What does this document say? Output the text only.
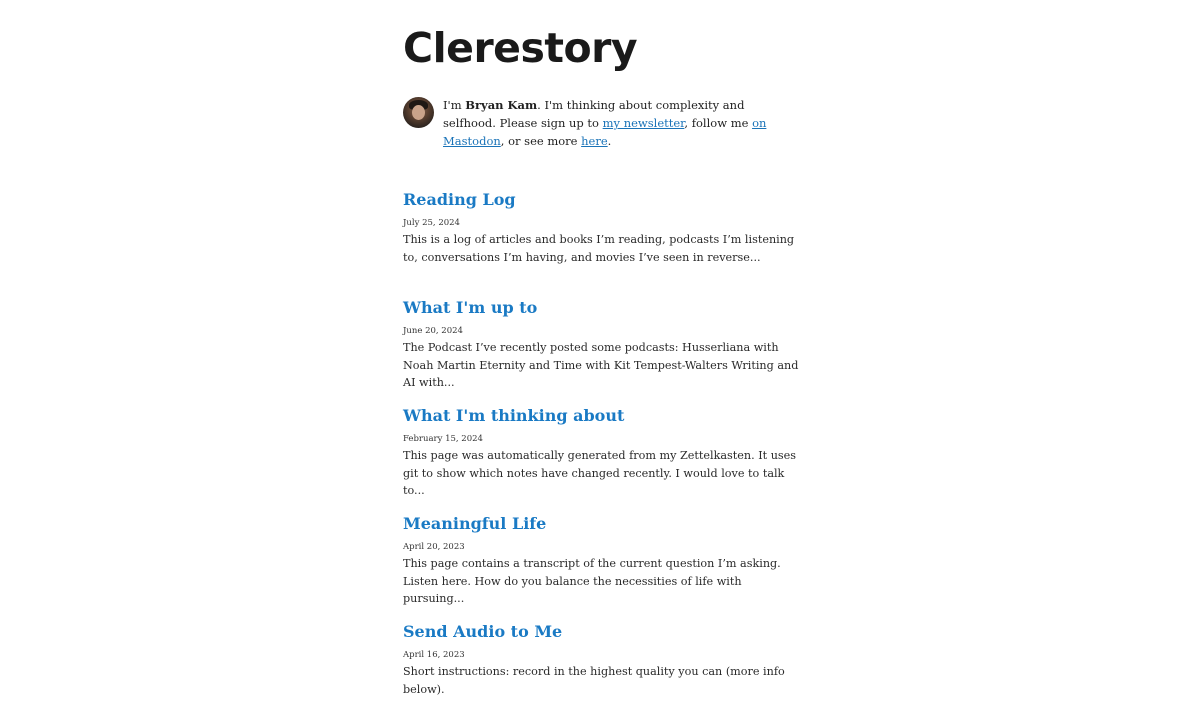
Clerestory
I'm Bryan Kam. I'm thinking about complexity and selfhood. Please sign up to my newsletter, follow me on Mastodon, or see more here.
Reading Log
July 25, 2024
This is a log of articles and books I’m reading, podcasts I’m listening to, conversations I’m having, and movies I’ve seen in reverse...
What I'm up to
June 20, 2024
The Podcast I’ve recently posted some podcasts: Husserliana with Noah Martin Eternity and Time with Kit Tempest-Walters Writing and AI with...
What I'm thinking about
February 15, 2024
This page was automatically generated from my Zettelkasten. It uses git to show which notes have changed recently. I would love to talk to...
Meaningful Life
April 20, 2023
This page contains a transcript of the current question I’m asking. Listen here. How do you balance the necessities of life with pursuing...
Send Audio to Me
April 16, 2023
Short instructions: record in the highest quality you can (more info below).
